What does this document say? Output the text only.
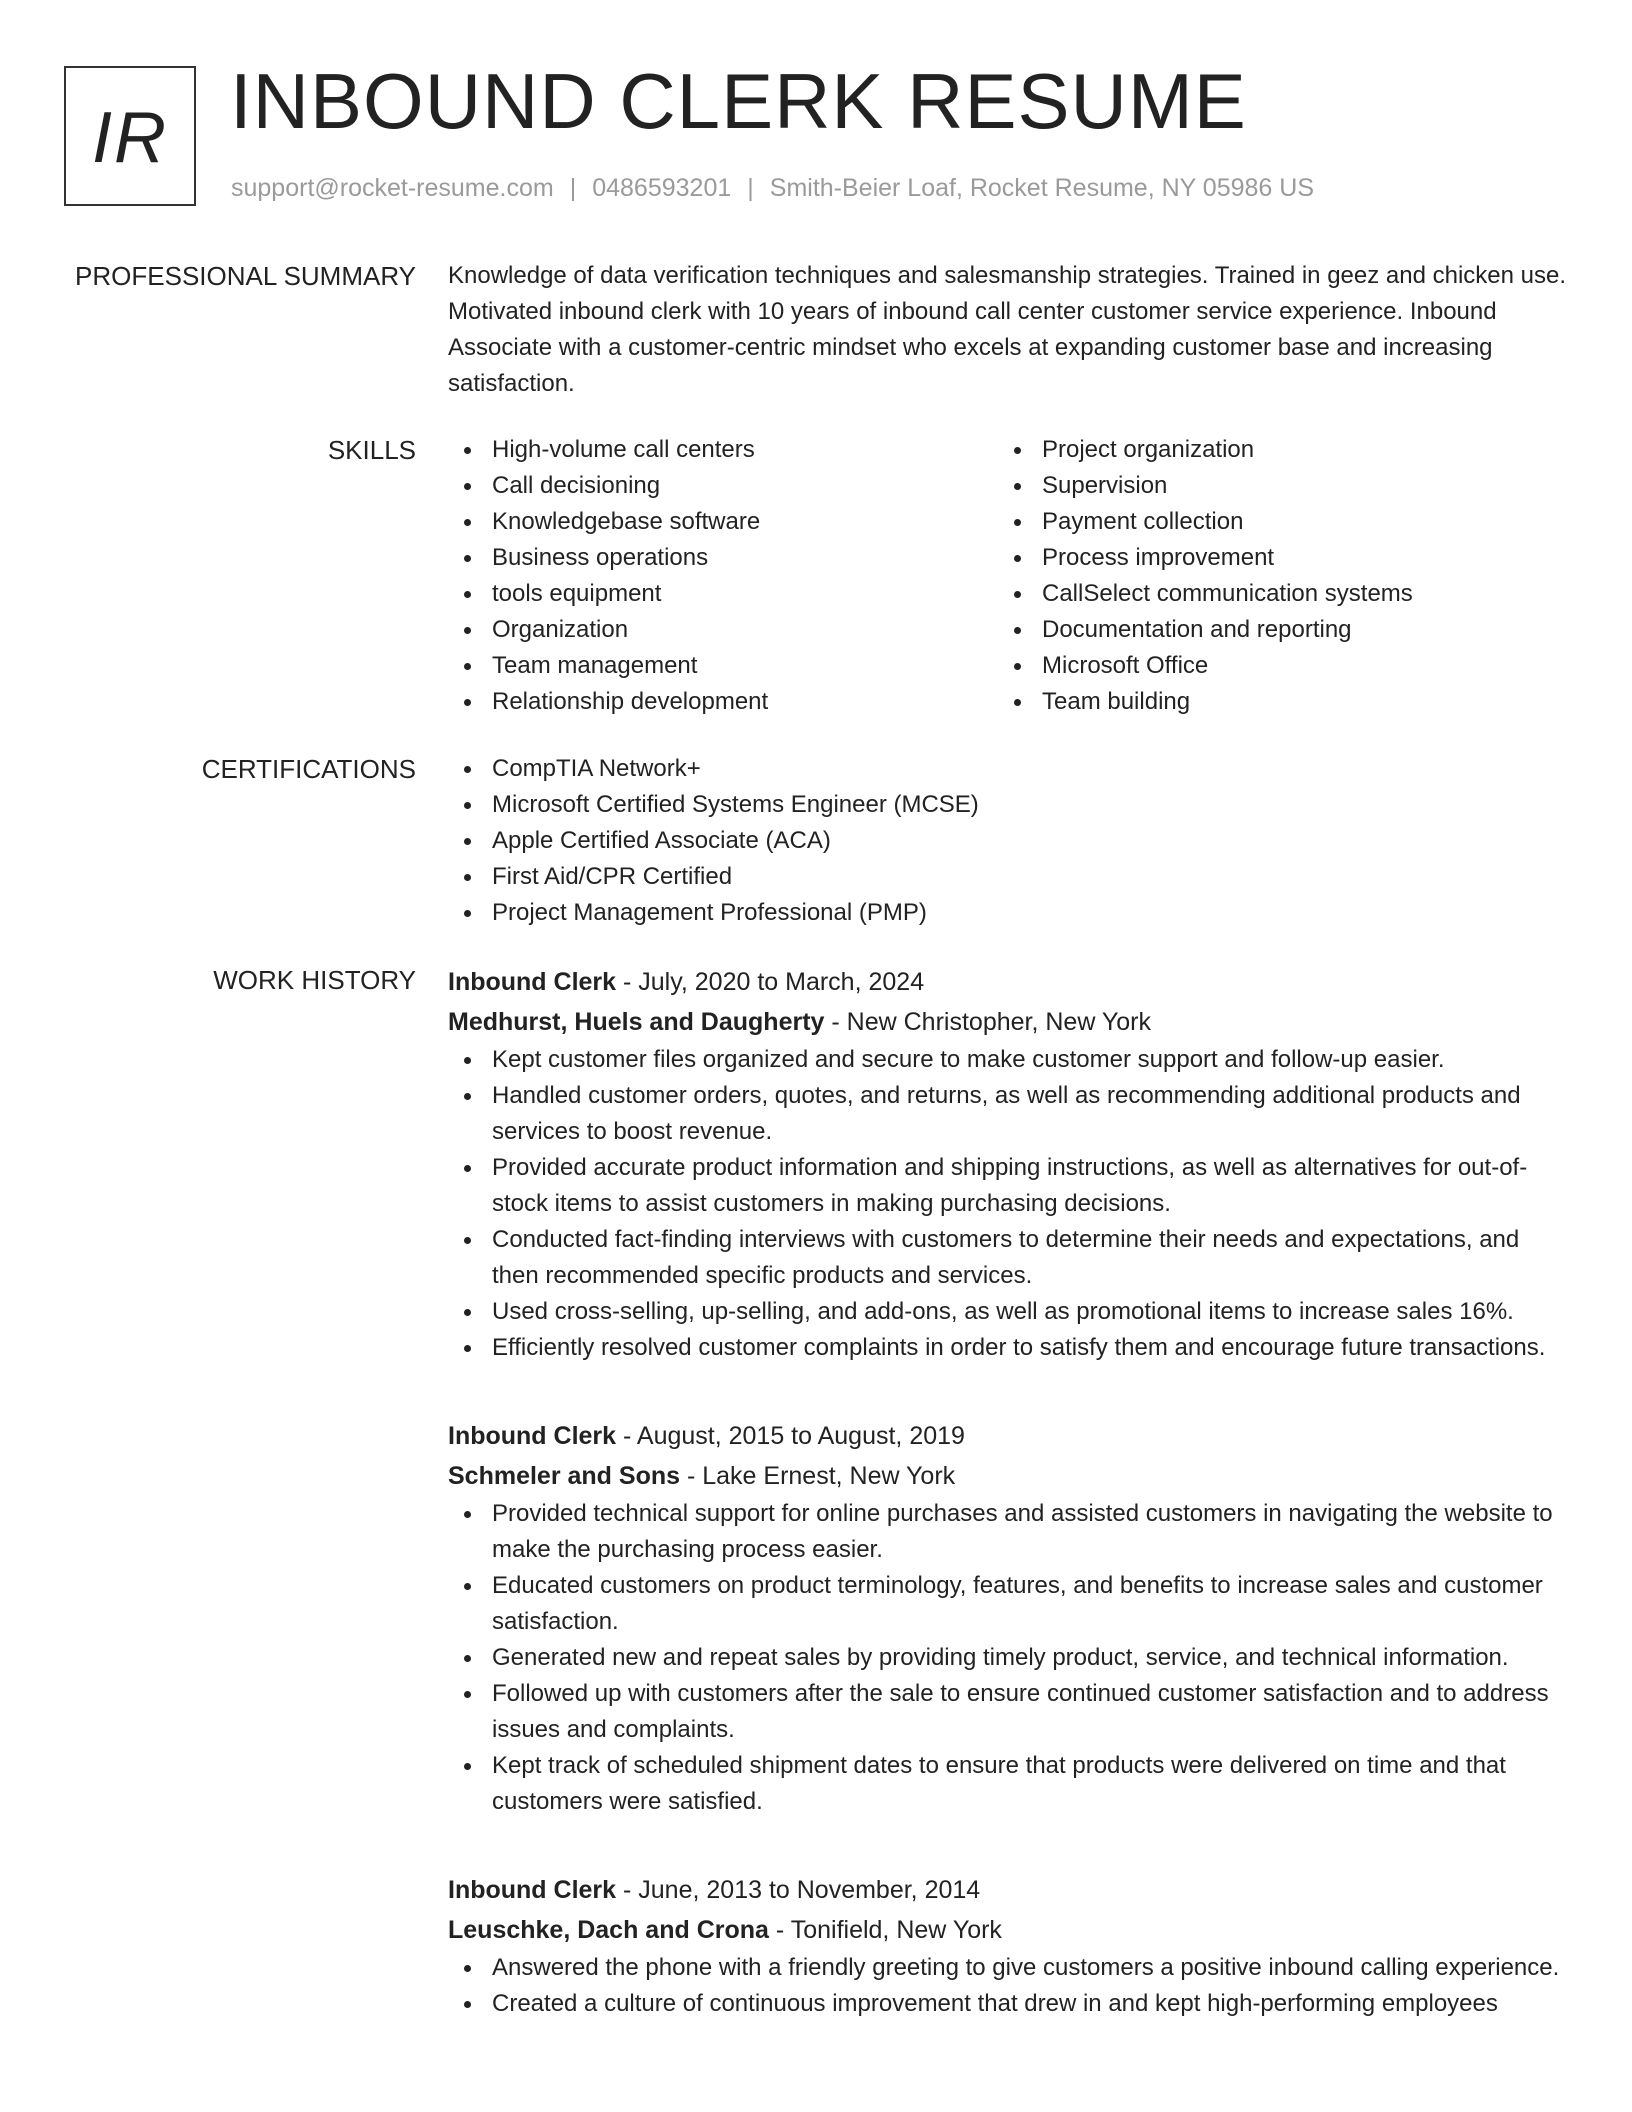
IR INBOUND CLERK RESUME
support@rocket-resume.com | 0486593201 | Smith-Beier Loaf, Rocket Resume, NY 05986 US
PROFESSIONAL SUMMARY Knowledge of data verification techniques and salesmanship strategies. Trained in geez and chicken use. Motivated inbound clerk with 10 years of inbound call center customer service experience. Inbound Associate with a customer-centric mindset who excels at expanding customer base and increasing satisfaction.

SKILLS	High-volume call centers
Call decisioning
Knowledgebase software
Business operations
tools equipment
Organization
Team management
Relationship development
Project organization
Supervision
Payment collection
Process improvement
CallSelect communication systems
Documentation and reporting
Microsoft Office
Team building
CERTIFICATIONS	CompTIA Network+
Microsoft Certified Systems Engineer (MCSE)
Apple Certified Associate (ACA)
First Aid/CPR Certified
Project Management Professional (PMP)
WORK HISTORY Inbound Clerk - July, 2020 to March, 2024
Medhurst, Huels and Daugherty - New Christopher, New York
Kept customer files organized and secure to make customer support and follow-up easier.
Handled customer orders, quotes, and returns, as well as recommending additional products and services to boost revenue.
Provided accurate product information and shipping instructions, as well as alternatives for out-of-stock items to assist customers in making purchasing decisions.
Conducted fact-finding interviews with customers to determine their needs and expectations, and then recommended specific products and services.
Used cross-selling, up-selling, and add-ons, as well as promotional items to increase sales 16%.
Efficiently resolved customer complaints in order to satisfy them and encourage future transactions.
Inbound Clerk - August, 2015 to August, 2019
Schmeler and Sons - Lake Ernest, New York
Provided technical support for online purchases and assisted customers in navigating the website to make the purchasing process easier.
Educated customers on product terminology, features, and benefits to increase sales and customer satisfaction.
Generated new and repeat sales by providing timely product, service, and technical information.
Followed up with customers after the sale to ensure continued customer satisfaction and to address issues and complaints.
Kept track of scheduled shipment dates to ensure that products were delivered on time and that customers were satisfied.
Inbound Clerk - June, 2013 to November, 2014
Leuschke, Dach and Crona - Tonifield, New York
Answered the phone with a friendly greeting to give customers a positive inbound calling experience.
Created a culture of continuous improvement that drew in and kept high-performing employees
